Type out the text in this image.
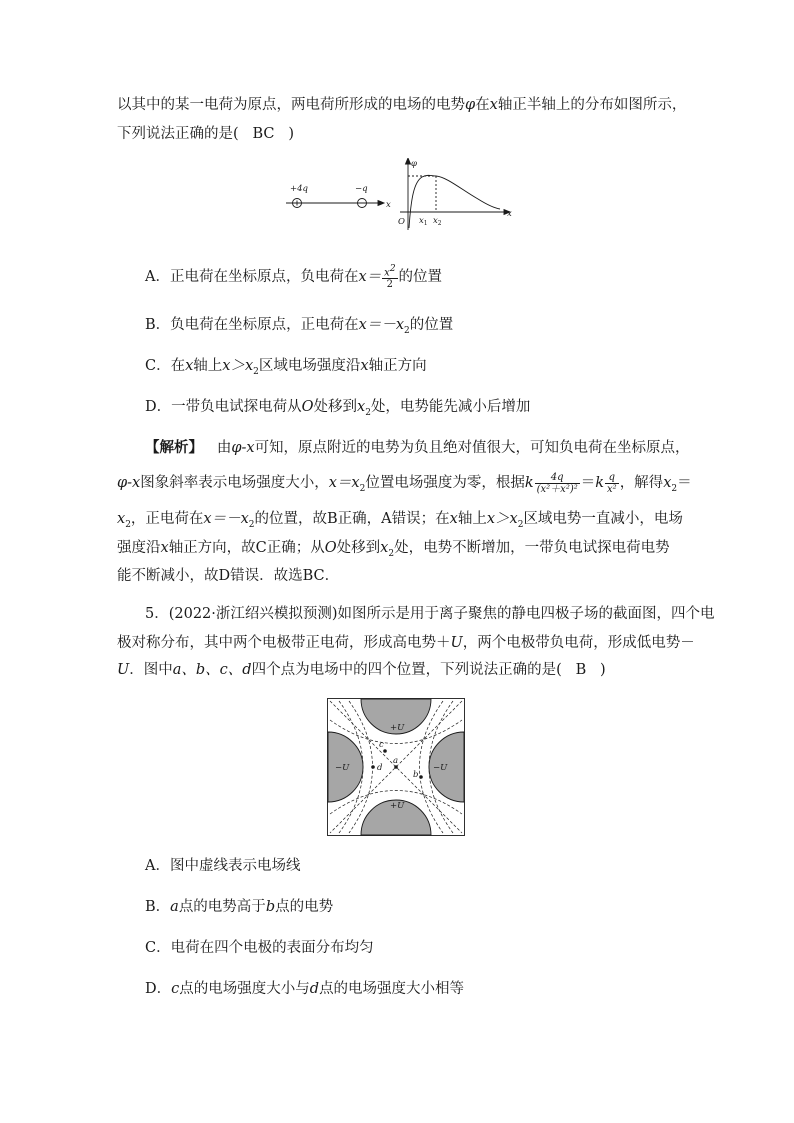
以其中的某一电荷为原点，两电荷所形成的电场的电势φ在x轴正半轴上的分布如图所示，
下列说法正确的是( BC )
+4q	−q
x
φ
x
O $x_1$ $x_2$
A．正电荷在坐标原点，负电荷在$x= \frac{x^2}{2}$ 的位置
B．负电荷在坐标原点，正电荷在$x=-x_2$的位置
C．在x轴上$x>x_2$区域电场强度沿x轴正方向
D．一带负电试探电荷从O处移到$x_2$处，电势能先减小后增加
【解析】 由φ-x可知，原点附近的电势为负且绝对值很大，可知负电荷在坐标原点，
φ-x图象斜率表示电场强度大小，$x=x_2$位置电场强度为零，根据k $\frac{4q}{\text{(x²＋x²)²}} =k \frac{q}{\text{x²}}$ ，解得$x_2=$
$x_2$，正电荷在$x=-x_2$的位置，故B正确，A错误；在x轴上$x>x_2$区域电势一直减小，电场
强度沿x轴正方向，故C正确；从O处移到$x_2$处，电势不断增加，一带负电试探电荷电势
能不断减小，故D错误．故选BC．
5．(2022·浙江绍兴模拟预测)如图所示是用于离子聚焦的静电四极子场的截面图，四个电
极对称分布，其中两个电极带正电荷，形成高电势＋U，两个电极带负电荷，形成低电势－
U．图中a、b、c、d四个点为电场中的四个位置，下列说法正确的是( B )
+U
+U
−U	−U
a
b
c
d
A．图中虚线表示电场线
B．a点的电势高于b点的电势
C．电荷在四个电极的表面分布均匀
D．c点的电场强度大小与d点的电场强度大小相等
